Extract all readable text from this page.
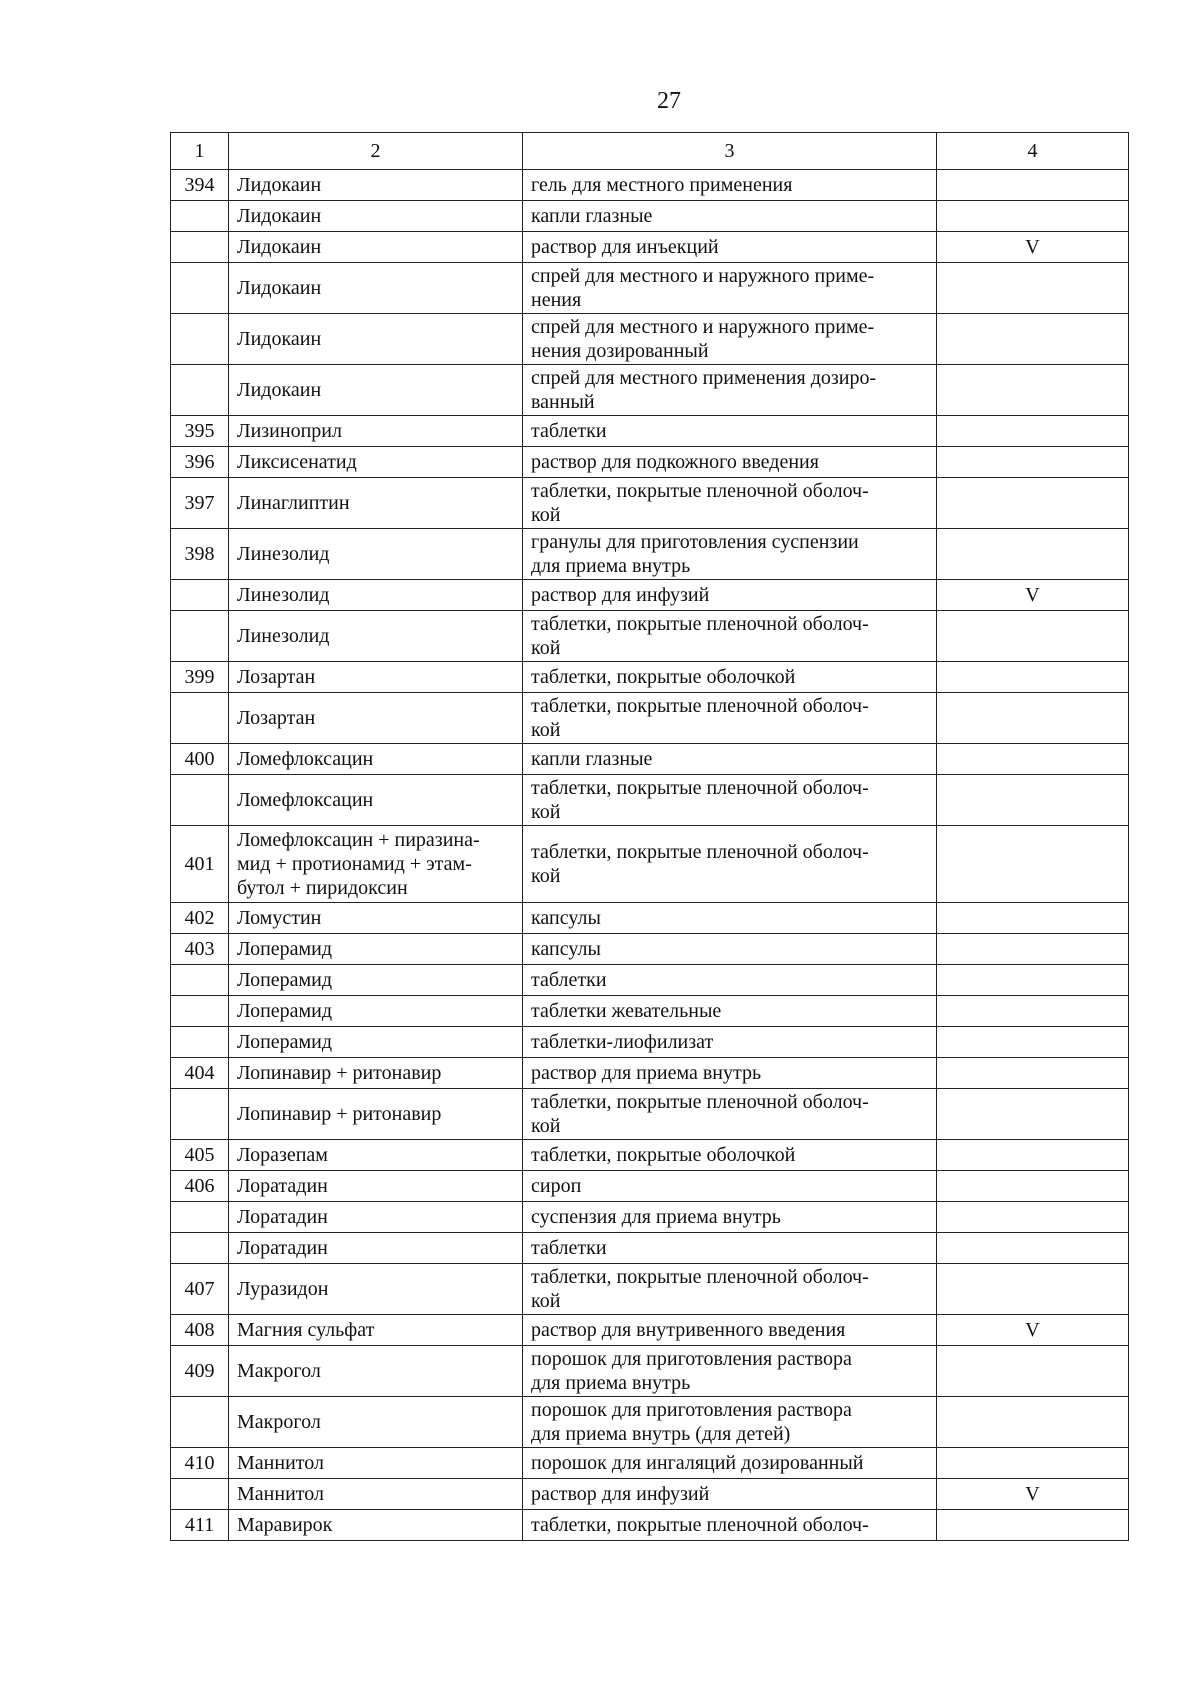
27
1	2	3	4
394	Лидокаин	гель для местного применения	
	Лидокаин	капли глазные	
	Лидокаин	раствор для инъекций	V
	Лидокаин	спрей для местного и наружного приме-
нения	
	Лидокаин	спрей для местного и наружного приме-
нения дозированный	
	Лидокаин	спрей для местного применения дозиро-
ванный	
395	Лизиноприл	таблетки	
396	Ликсисенатид	раствор для подкожного введения	
397	Линаглиптин	таблетки, покрытые пленочной оболоч-
кой	
398	Линезолид	гранулы для приготовления суспензии
для приема внутрь	
	Линезолид	раствор для инфузий	V
	Линезолид	таблетки, покрытые пленочной оболоч-
кой	
399	Лозартан	таблетки, покрытые оболочкой	
	Лозартан	таблетки, покрытые пленочной оболоч-
кой	
400	Ломефлоксацин	капли глазные	
	Ломефлоксацин	таблетки, покрытые пленочной оболоч-
кой	
401	Ломефлоксацин + пиразина-
мид + протионамид + этам-
бутол + пиридоксин	таблетки, покрытые пленочной оболоч-
кой	
402	Ломустин	капсулы	
403	Лоперамид	капсулы	
	Лоперамид	таблетки	
	Лоперамид	таблетки жевательные	
	Лоперамид	таблетки-лиофилизат	
404	Лопинавир + ритонавир	раствор для приема внутрь	
	Лопинавир + ритонавир	таблетки, покрытые пленочной оболоч-
кой	
405	Лоразепам	таблетки, покрытые оболочкой	
406	Лоратадин	сироп	
	Лоратадин	суспензия для приема внутрь	
	Лоратадин	таблетки	
407	Луразидон	таблетки, покрытые пленочной оболоч-
кой	
408	Магния сульфат	раствор для внутривенного введения	V
409	Макрогол	порошок для приготовления раствора
для приема внутрь	
	Макрогол	порошок для приготовления раствора
для приема внутрь (для детей)	
410	Маннитол	порошок для ингаляций дозированный	
	Маннитол	раствор для инфузий	V
411	Маравирок	таблетки, покрытые пленочной оболоч-	
